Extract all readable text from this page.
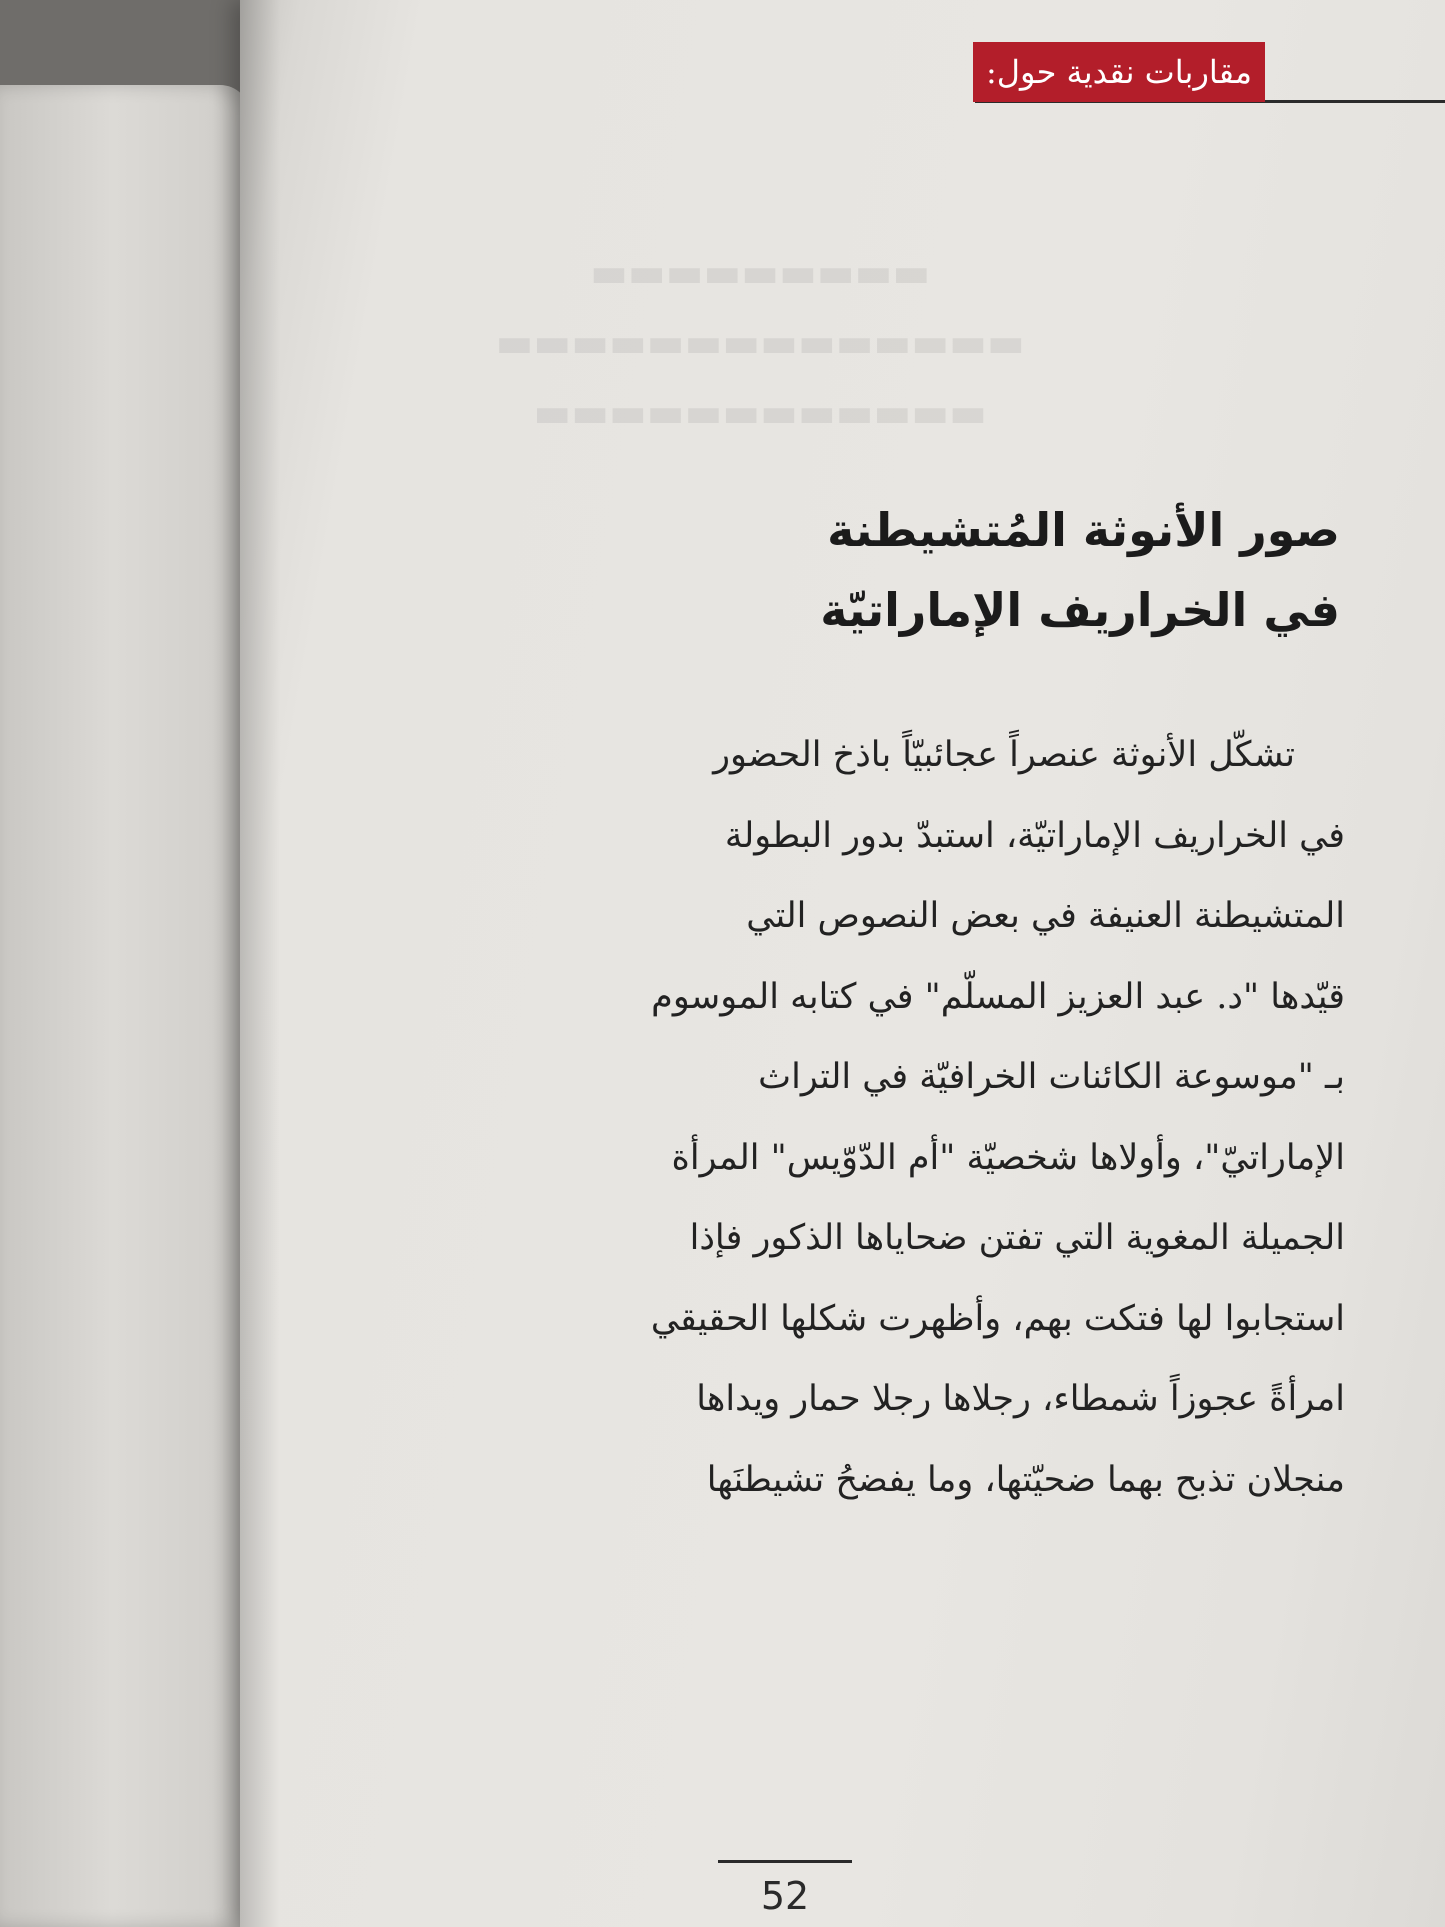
مقاربات نقدية حول:
▬▬▬▬▬▬▬▬▬
▬▬▬▬▬▬▬▬▬▬▬▬▬▬
▬▬▬▬▬▬▬▬▬▬▬▬
صور الأنوثة المُتشيطنة
في الخراريف الإماراتيّة
تشكّل الأنوثة عنصراً عجائبيّاً باذخ الحضور
في الخراريف الإماراتيّة، استبدّ بدور البطولة
المتشيطنة العنيفة في بعض النصوص التي
قيّدها "د. عبد العزيز المسلّم" في كتابه الموسوم
بـ "موسوعة الكائنات الخرافيّة في التراث
الإماراتيّ"، وأولاها شخصيّة "أم الدّوّيس" المرأة
الجميلة المغوية التي تفتن ضحاياها الذكور فإذا
استجابوا لها فتكت بهم، وأظهرت شكلها الحقيقي
امرأةً عجوزاً شمطاء، رجلاها رجلا حمار ويداها
منجلان تذبح بهما ضحيّتها، وما يفضحُ تشيطنَها
52
